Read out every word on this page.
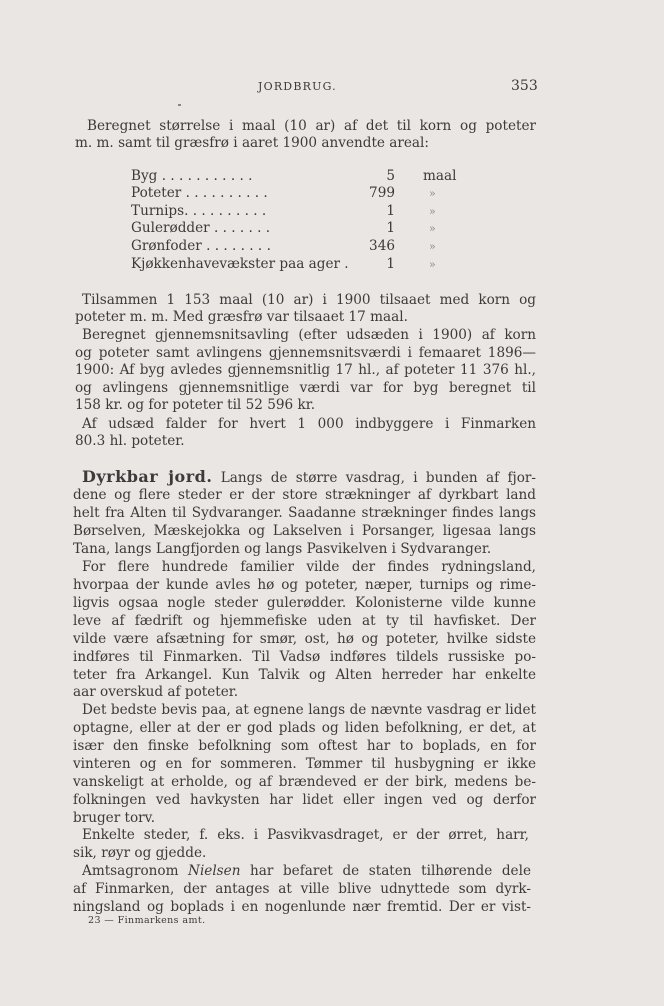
JORDBRUG.	353
Beregnet størrelse i maal (10 ar) af det til korn og poteter
m. m. samt til græsfrø i aaret 1900 anvendte areal:
Byg . . . . . . . . . . .	5 maal
Poteter . . . . . . . . . .	799	»
Turnips. . . . . . . . . .	1	»
Gulerødder . . . . . . .	1	»
Grønfoder . . . . . . . .	346	»
Kjøkkenhavevækster paa ager .	1	»
Tilsammen 1 153 maal (10 ar) i 1900 tilsaaet med korn og
poteter m. m. Med græsfrø var tilsaaet 17 maal.
Beregnet gjennemsnitsavling (efter udsæden i 1900) af korn
og poteter samt avlingens gjennemsnitsværdi i femaaret 1896—
1900: Af byg avledes gjennemsnitlig 17 hl., af poteter 11 376 hl.,
og avlingens gjennemsnitlige værdi var for byg beregnet til
158 kr. og for poteter til 52 596 kr.
Af udsæd falder for hvert 1 000 indbyggere i Finmarken
80.3 hl. poteter.
Dyrkbar jord. Langs de større vasdrag, i bunden af fjor-
dene og flere steder er der store strækninger af dyrkbart land
helt fra Alten til Sydvaranger. Saadanne strækninger findes langs
Børselven, Mæskejokka og Lakselven i Porsanger, ligesaa langs
Tana, langs Langfjorden og langs Pasvikelven i Sydvaranger.
For flere hundrede familier vilde der findes rydningsland,
hvorpaa der kunde avles hø og poteter, næper, turnips og rime-
ligvis ogsaa nogle steder gulerødder. Kolonisterne vilde kunne
leve af fædrift og hjemmefiske uden at ty til havfisket. Der
vilde være afsætning for smør, ost, hø og poteter, hvilke sidste
indføres til Finmarken. Til Vadsø indføres tildels russiske po-
teter fra Arkangel. Kun Talvik og Alten herreder har enkelte
aar overskud af poteter.
Det bedste bevis paa, at egnene langs de nævnte vasdrag er lidet
optagne, eller at der er god plads og liden befolkning, er det, at
især den finske befolkning som oftest har to boplads, en for
vinteren og en for sommeren. Tømmer til husbygning er ikke
vanskeligt at erholde, og af brændeved er der birk, medens be-
folkningen ved havkysten har lidet eller ingen ved og derfor
bruger torv.
Enkelte steder, f. eks. i Pasvikvasdraget, er der ørret, harr,
sik, røyr og gjedde.
Amtsagronom Nielsen har befaret de staten tilhørende dele
af Finmarken, der antages at ville blive udnyttede som dyrk-
ningsland og boplads i en nogenlunde nær fremtid. Der er vist-
23 — Finmarkens amt.
